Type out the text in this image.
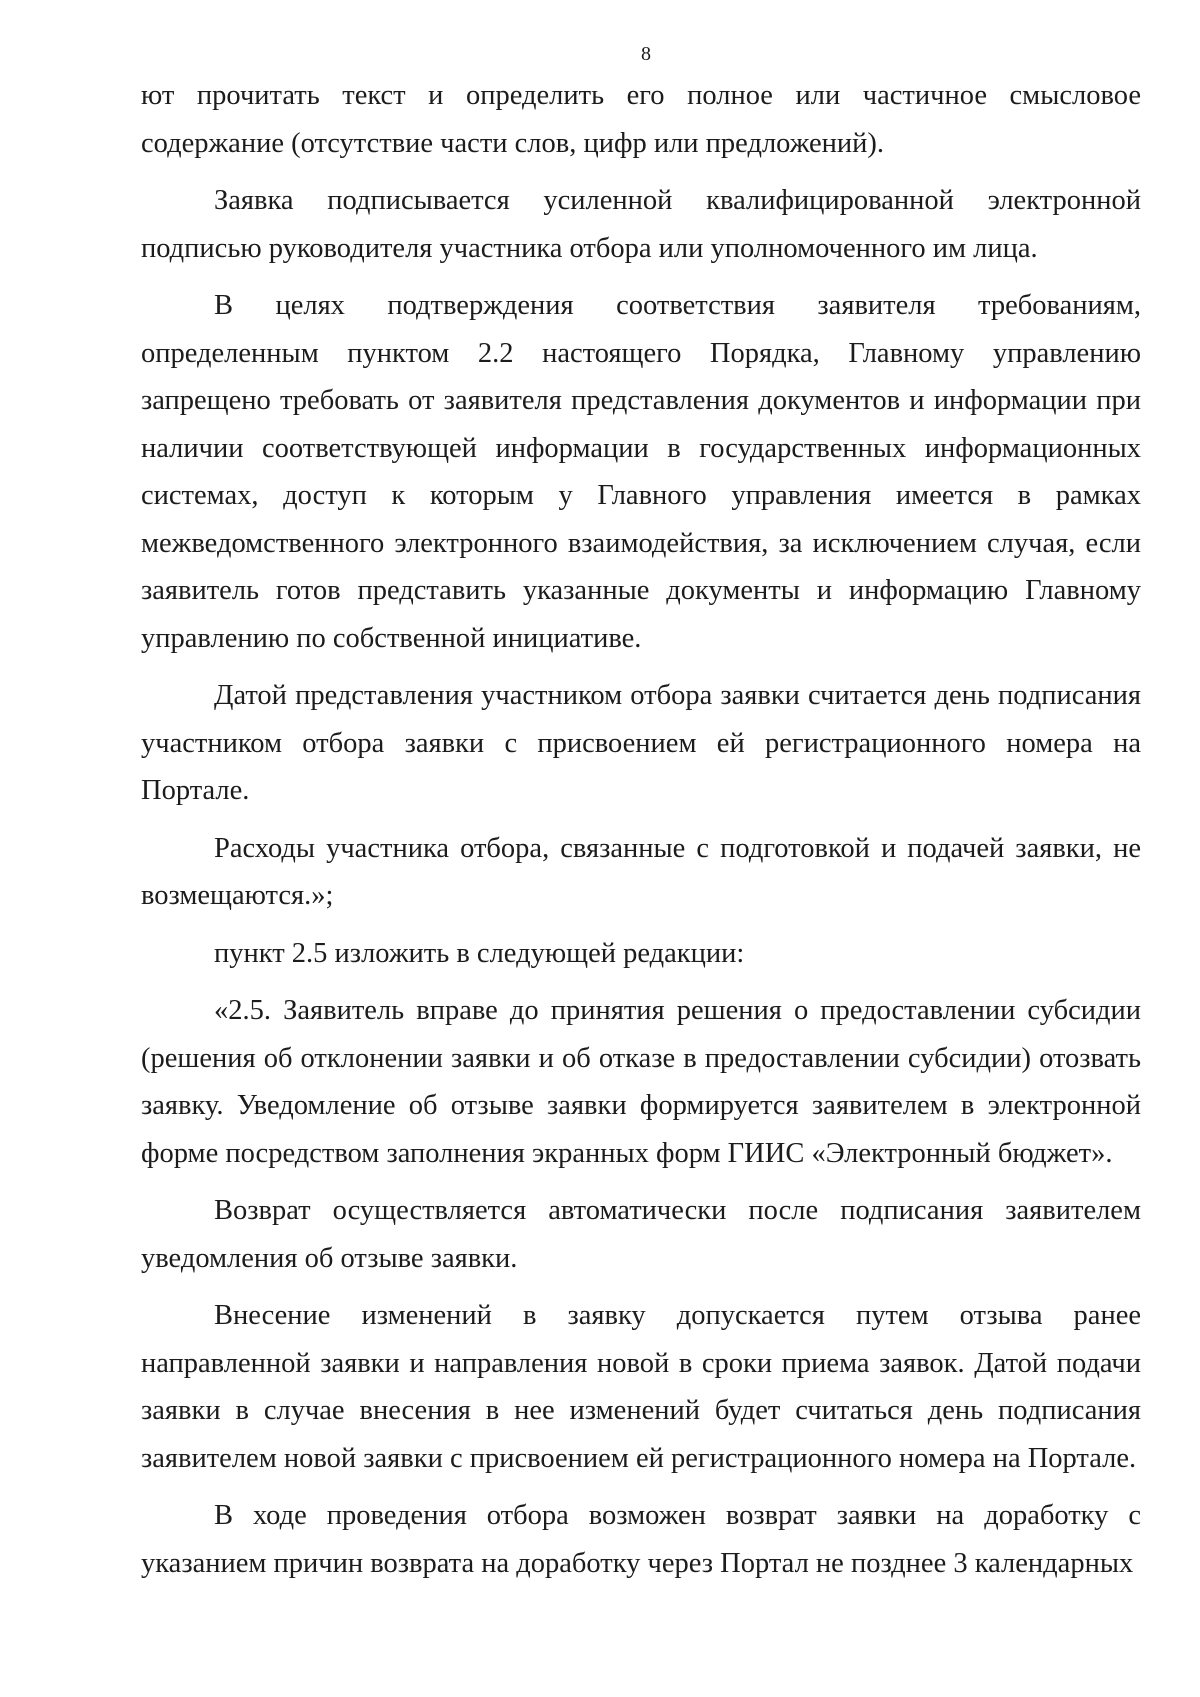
8

ют прочитать текст и определить его полное или частичное смысловое содержание (отсутствие части слов, цифр или предложений).

Заявка подписывается усиленной квалифицированной электронной подписью руководителя участника отбора или уполномоченного им лица.

В целях подтверждения соответствия заявителя требованиям, определенным пунктом 2.2 настоящего Порядка, Главному управлению запрещено требовать от заявителя представления документов и информации при наличии соответствующей информации в государственных информационных системах, доступ к которым у Главного управления имеется в рамках межведомственного электронного взаимодействия, за исключением случая, если заявитель готов представить указанные документы и информацию Главному управлению по собственной инициативе.

Датой представления участником отбора заявки считается день подписания участником отбора заявки с присвоением ей регистрационного номера на Портале.

Расходы участника отбора, связанные с подготовкой и подачей заявки, не возмещаются.»;

пункт 2.5 изложить в следующей редакции:

«2.5. Заявитель вправе до принятия решения о предоставлении субсидии (решения об отклонении заявки и об отказе в предоставлении субсидии) отозвать заявку. Уведомление об отзыве заявки формируется заявителем в электронной форме посредством заполнения экранных форм ГИИС «Электронный бюджет».

Возврат осуществляется автоматически после подписания заявителем уведомления об отзыве заявки.

Внесение изменений в заявку допускается путем отзыва ранее направленной заявки и направления новой в сроки приема заявок. Датой подачи заявки в случае внесения в нее изменений будет считаться день подписания заявителем новой заявки с присвоением ей регистрационного номера на Портале.

В ходе проведения отбора возможен возврат заявки на доработку с указанием причин возврата на доработку через Портал не позднее 3 календарных
